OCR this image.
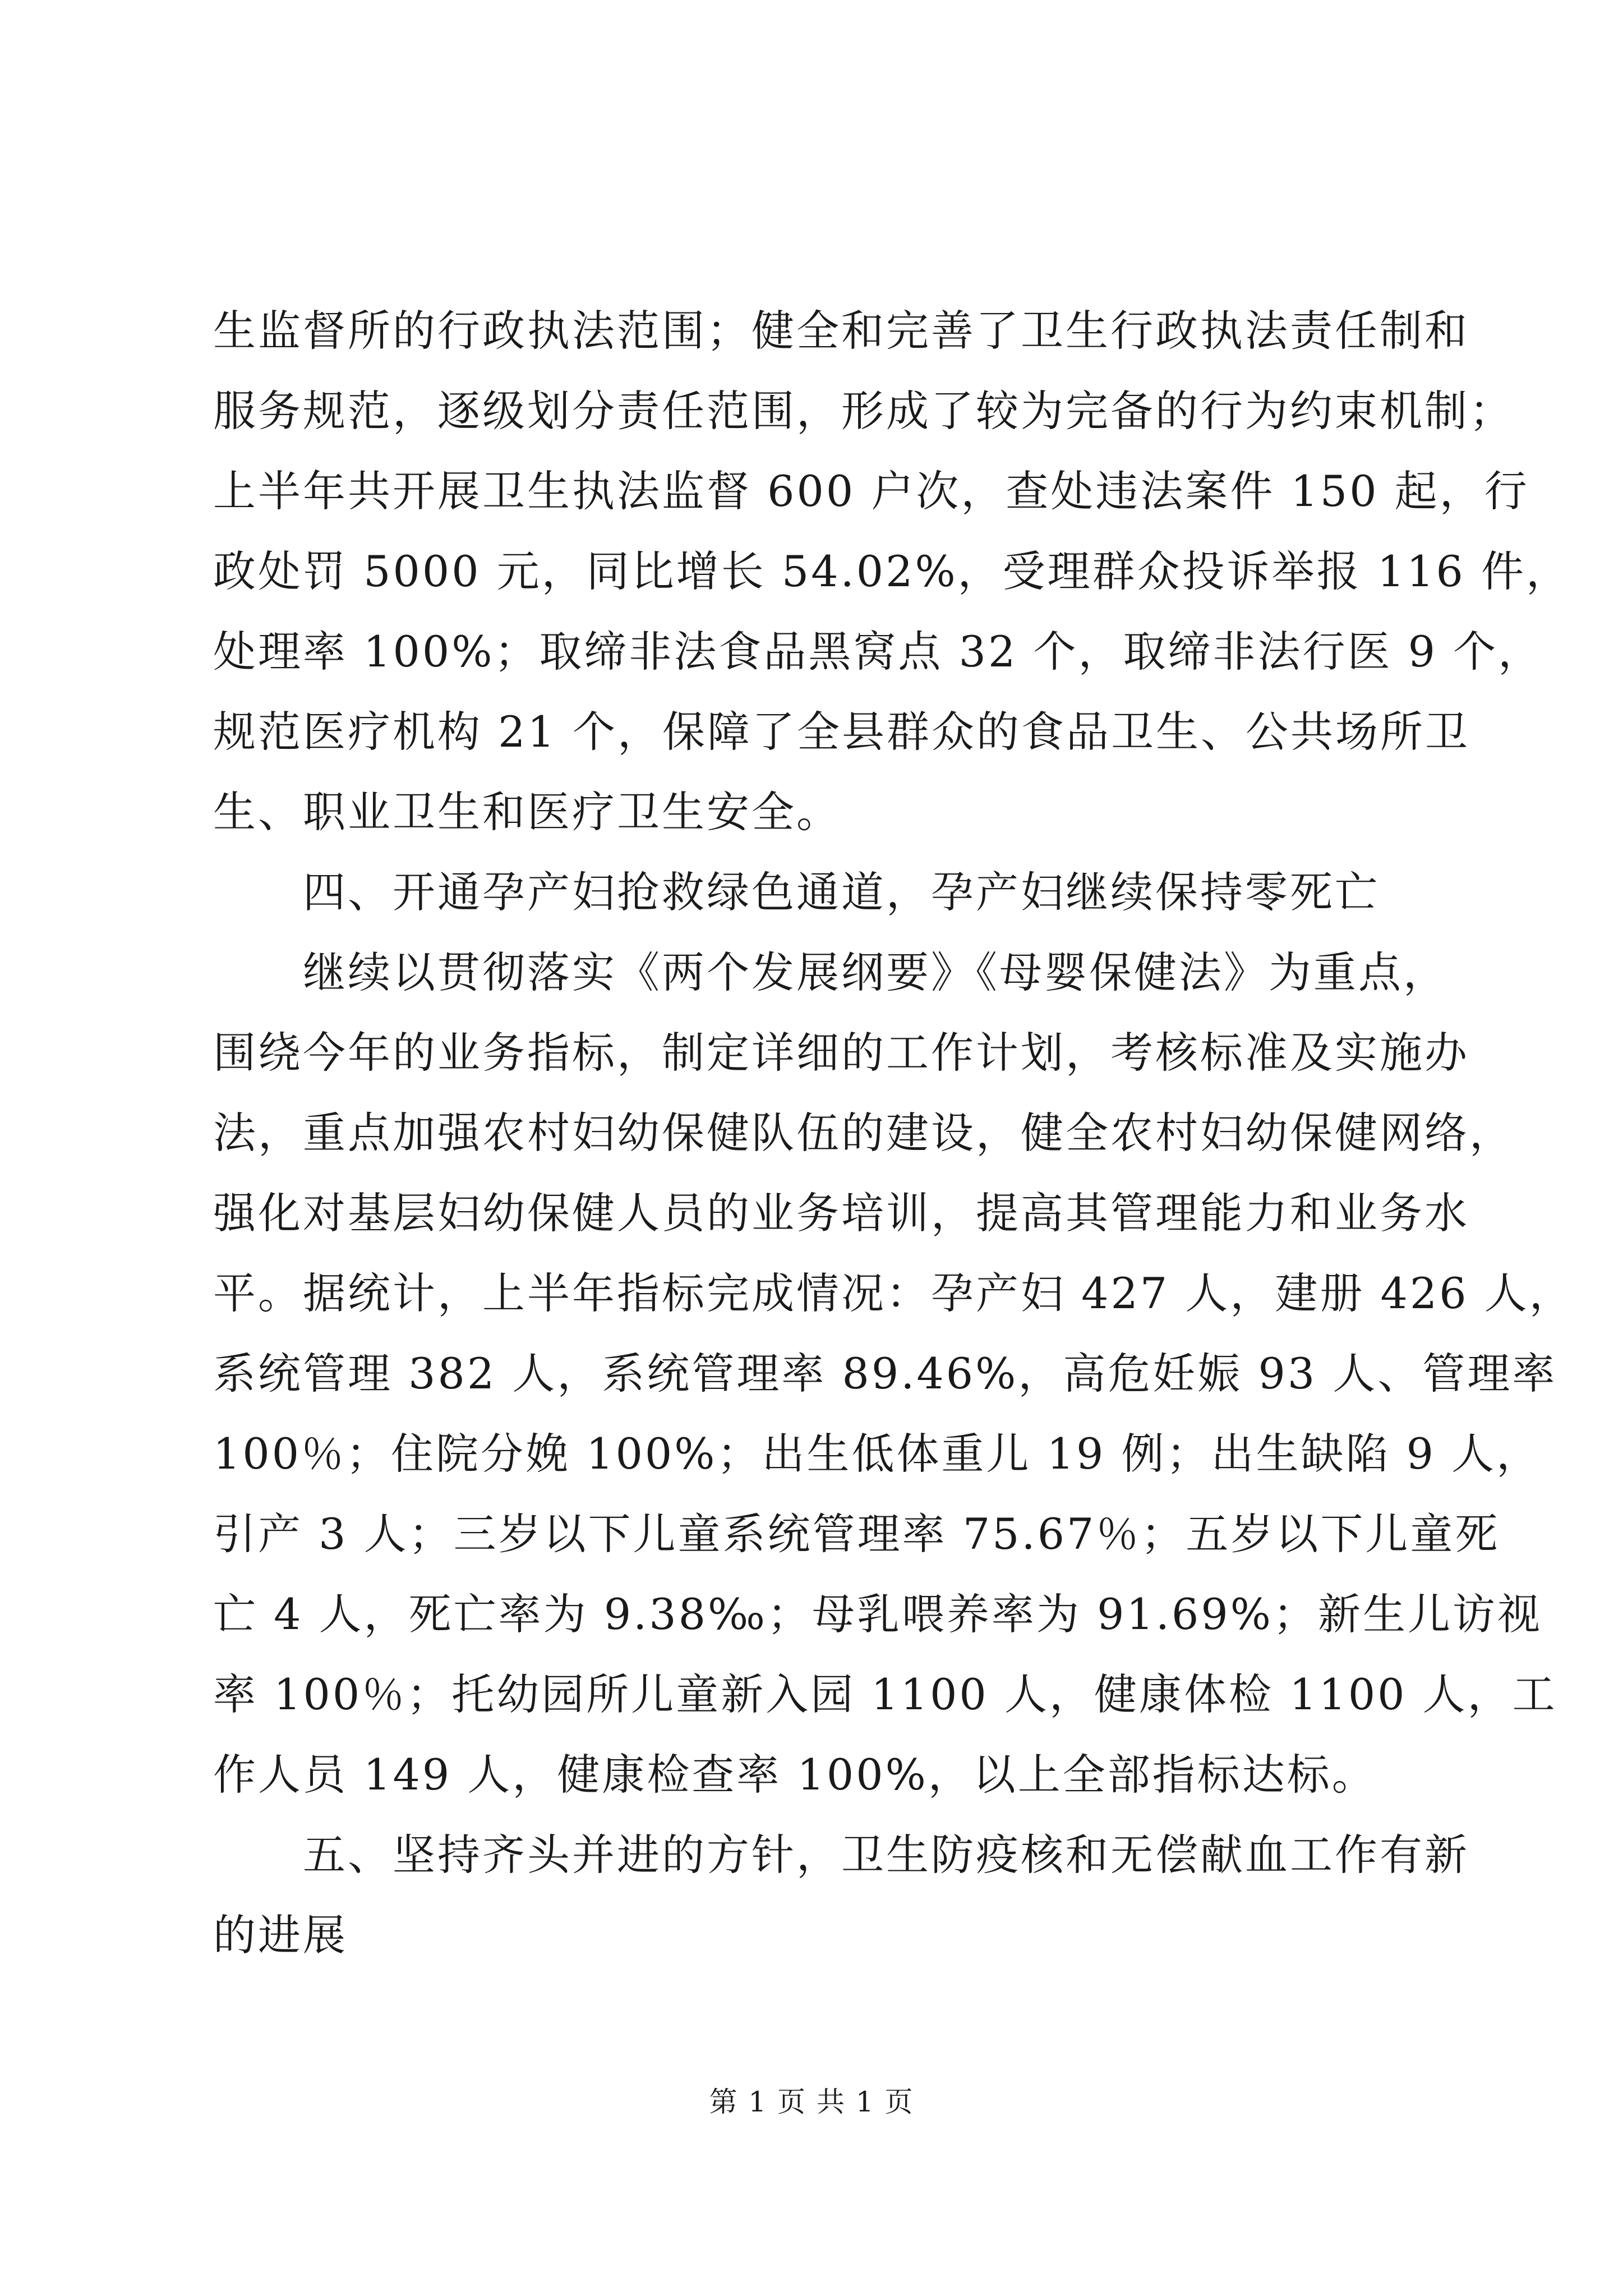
生监督所的行政执法范围；健全和完善了卫生行政执法责任制和
服务规范，逐级划分责任范围，形成了较为完备的行为约束机制；
上半年共开展卫生执法监督 600 户次，查处违法案件 150 起，行
政处罚 5000 元，同比增长 54.02%，受理群众投诉举报 116 件，
处理率 100%；取缔非法食品黑窝点 32 个，取缔非法行医 9 个，
规范医疗机构 21 个，保障了全县群众的食品卫生、公共场所卫
生、职业卫生和医疗卫生安全。
　　四、开通孕产妇抢救绿色通道，孕产妇继续保持零死亡
　　继续以贯彻落实《两个发展纲要》《母婴保健法》为重点，
围绕今年的业务指标，制定详细的工作计划，考核标准及实施办
法，重点加强农村妇幼保健队伍的建设，健全农村妇幼保健网络，
强化对基层妇幼保健人员的业务培训，提高其管理能力和业务水
平。据统计，上半年指标完成情况：孕产妇 427 人，建册 426 人，
系统管理 382 人，系统管理率 89.46%，高危妊娠 93 人、管理率
100％；住院分娩 100%；出生低体重儿 19 例；出生缺陷 9 人，
引产 3 人；三岁以下儿童系统管理率 75.67％；五岁以下儿童死
亡 4 人，死亡率为 9.38‰；母乳喂养率为 91.69%；新生儿访视
率 100％；托幼园所儿童新入园 1100 人，健康体检 1100 人，工
作人员 149 人，健康检查率 100%，以上全部指标达标。
　　五、坚持齐头并进的方针，卫生防疫核和无偿献血工作有新
的进展
第 1 页 共 1 页
